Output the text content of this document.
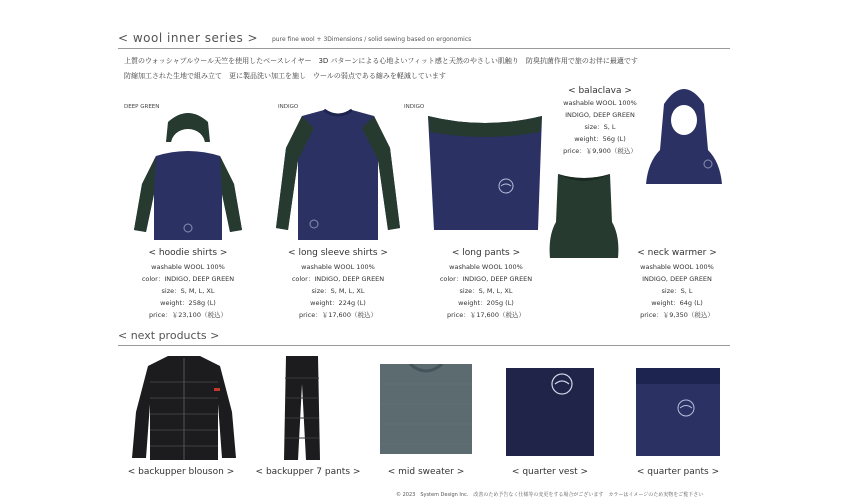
< wool inner series > pure fine wool + 3Dimensions / solid sewing based on ergonomics
上質のウォッシャブルウール天竺を使用したベースレイヤー　3D パターンによる心地よいフィット感と天然のやさしい肌触り　防臭抗菌作用で旅のお伴に最適です
防縮加工された生地で組み立て　更に製品洗い加工を施し　ウールの弱点である縮みを軽減しています
DEEP GREEN
< hoodie shirts >
washable WOOL 100%
color：INDIGO, DEEP GREEN
size：S, M, L, XL
weight：258g (L)
price：￥23,100（税込）
INDIGO
< long sleeve shirts >
washable WOOL 100%
color：INDIGO, DEEP GREEN
size：S, M, L, XL
weight：224g (L)
price：￥17,600（税込）
INDIGO
< long pants >
washable WOOL 100%
color：INDIGO, DEEP GREEN
size：S, M, L, XL
weight：205g (L)
price：￥17,600（税込）
< balaclava >
washable WOOL 100%
INDIGO, DEEP GREEN
size：S, L
weight：56g (L)
price：￥9,900（税込）
< neck warmer >
washable WOOL 100%
INDIGO, DEEP GREEN
size：S, L
weight：64g (L)
price：￥9,350（税込）
< next products >
< backupper blouson >	< backupper 7 pants >	< mid sweater >	< quarter vest >	< quarter pants >
© 2023　System Design Inc.　改善のため予告なく仕様等の変更をする場合がございます　カラーはイメージのため実物をご覧下さい
